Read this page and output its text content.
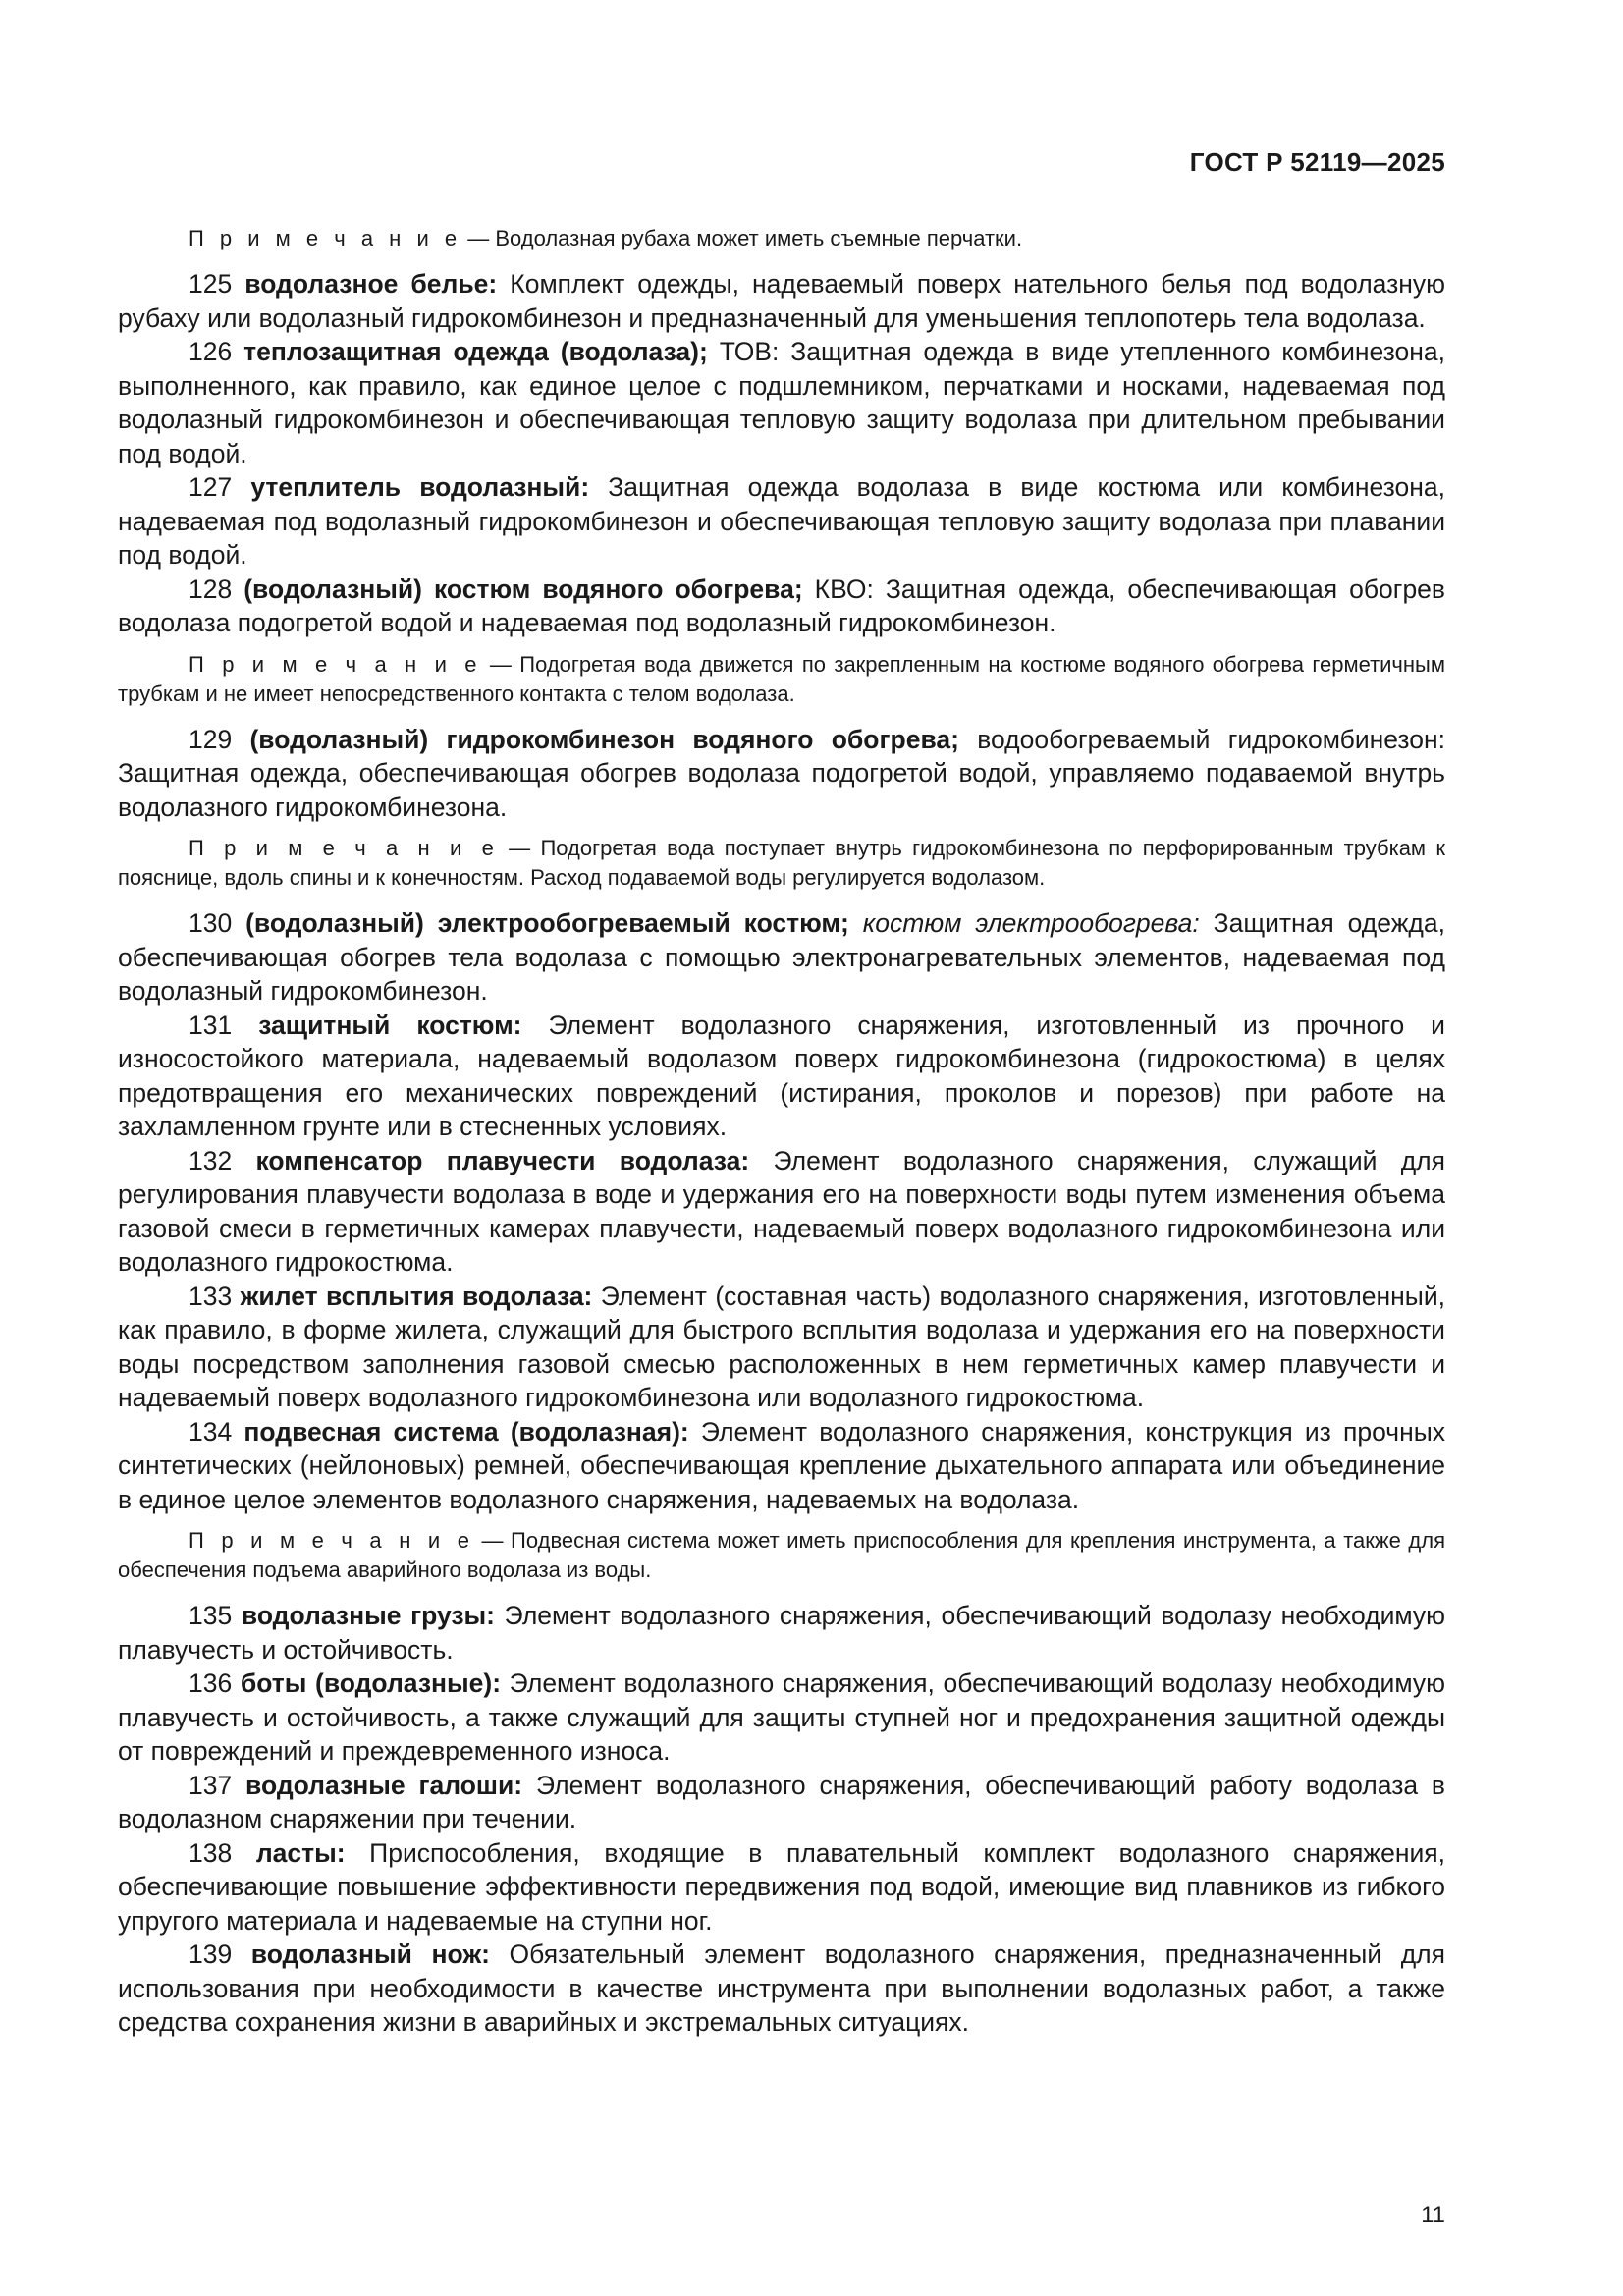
ГОСТ Р 52119—2025

П р и м е ч а н и е — Водолазная рубаха может иметь съемные перчатки.

125 водолазное белье: Комплект одежды, надеваемый поверх нательного белья под водолазную рубаху или водолазный гидрокомбинезон и предназначенный для уменьшения теплопотерь тела водолаза.

126 теплозащитная одежда (водолаза); ТОВ: Защитная одежда в виде утепленного комбинезона, выполненного, как правило, как единое целое с подшлемником, перчатками и носками, надеваемая под водолазный гидрокомбинезон и обеспечивающая тепловую защиту водолаза при длительном пребывании под водой.

127 утеплитель водолазный: Защитная одежда водолаза в виде костюма или комбинезона, надеваемая под водолазный гидрокомбинезон и обеспечивающая тепловую защиту водолаза при плавании под водой.

128 (водолазный) костюм водяного обогрева; КВО: Защитная одежда, обеспечивающая обогрев водолаза подогретой водой и надеваемая под водолазный гидрокомбинезон.

П р и м е ч а н и е — Подогретая вода движется по закрепленным на костюме водяного обогрева герметичным трубкам и не имеет непосредственного контакта с телом водолаза.

129 (водолазный) гидрокомбинезон водяного обогрева; водообогреваемый гидрокомбинезон: Защитная одежда, обеспечивающая обогрев водолаза подогретой водой, управляемо подаваемой внутрь водолазного гидрокомбинезона.

П р и м е ч а н и е — Подогретая вода поступает внутрь гидрокомбинезона по перфорированным трубкам к пояснице, вдоль спины и к конечностям. Расход подаваемой воды регулируется водолазом.

130 (водолазный) электрообогреваемый костюм; костюм электрообогрева: Защитная одежда, обеспечивающая обогрев тела водолаза с помощью электронагревательных элементов, надеваемая под водолазный гидрокомбинезон.

131 защитный костюм: Элемент водолазного снаряжения, изготовленный из прочного и износостойкого материала, надеваемый водолазом поверх гидрокомбинезона (гидрокостюма) в целях предотвращения его механических повреждений (истирания, проколов и порезов) при работе на захламленном грунте или в стесненных условиях.

132 компенсатор плавучести водолаза: Элемент водолазного снаряжения, служащий для регулирования плавучести водолаза в воде и удержания его на поверхности воды путем изменения объема газовой смеси в герметичных камерах плавучести, надеваемый поверх водолазного гидрокомбинезона или водолазного гидрокостюма.

133 жилет всплытия водолаза: Элемент (составная часть) водолазного снаряжения, изготовленный, как правило, в форме жилета, служащий для быстрого всплытия водолаза и удержания его на поверхности воды посредством заполнения газовой смесью расположенных в нем герметичных камер плавучести и надеваемый поверх водолазного гидрокомбинезона или водолазного гидрокостюма.

134 подвесная система (водолазная): Элемент водолазного снаряжения, конструкция из прочных синтетических (нейлоновых) ремней, обеспечивающая крепление дыхательного аппарата или объединение в единое целое элементов водолазного снаряжения, надеваемых на водолаза.

П р и м е ч а н и е — Подвесная система может иметь приспособления для крепления инструмента, а также для обеспечения подъема аварийного водолаза из воды.

135 водолазные грузы: Элемент водолазного снаряжения, обеспечивающий водолазу необходимую плавучесть и остойчивость.

136 боты (водолазные): Элемент водолазного снаряжения, обеспечивающий водолазу необходимую плавучесть и остойчивость, а также служащий для защиты ступней ног и предохранения защитной одежды от повреждений и преждевременного износа.

137 водолазные галоши: Элемент водолазного снаряжения, обеспечивающий работу водолаза в водолазном снаряжении при течении.

138 ласты: Приспособления, входящие в плавательный комплект водолазного снаряжения, обеспечивающие повышение эффективности передвижения под водой, имеющие вид плавников из гибкого упругого материала и надеваемые на ступни ног.

139 водолазный нож: Обязательный элемент водолазного снаряжения, предназначенный для использования при необходимости в качестве инструмента при выполнении водолазных работ, а также средства сохранения жизни в аварийных и экстремальных ситуациях.

11
